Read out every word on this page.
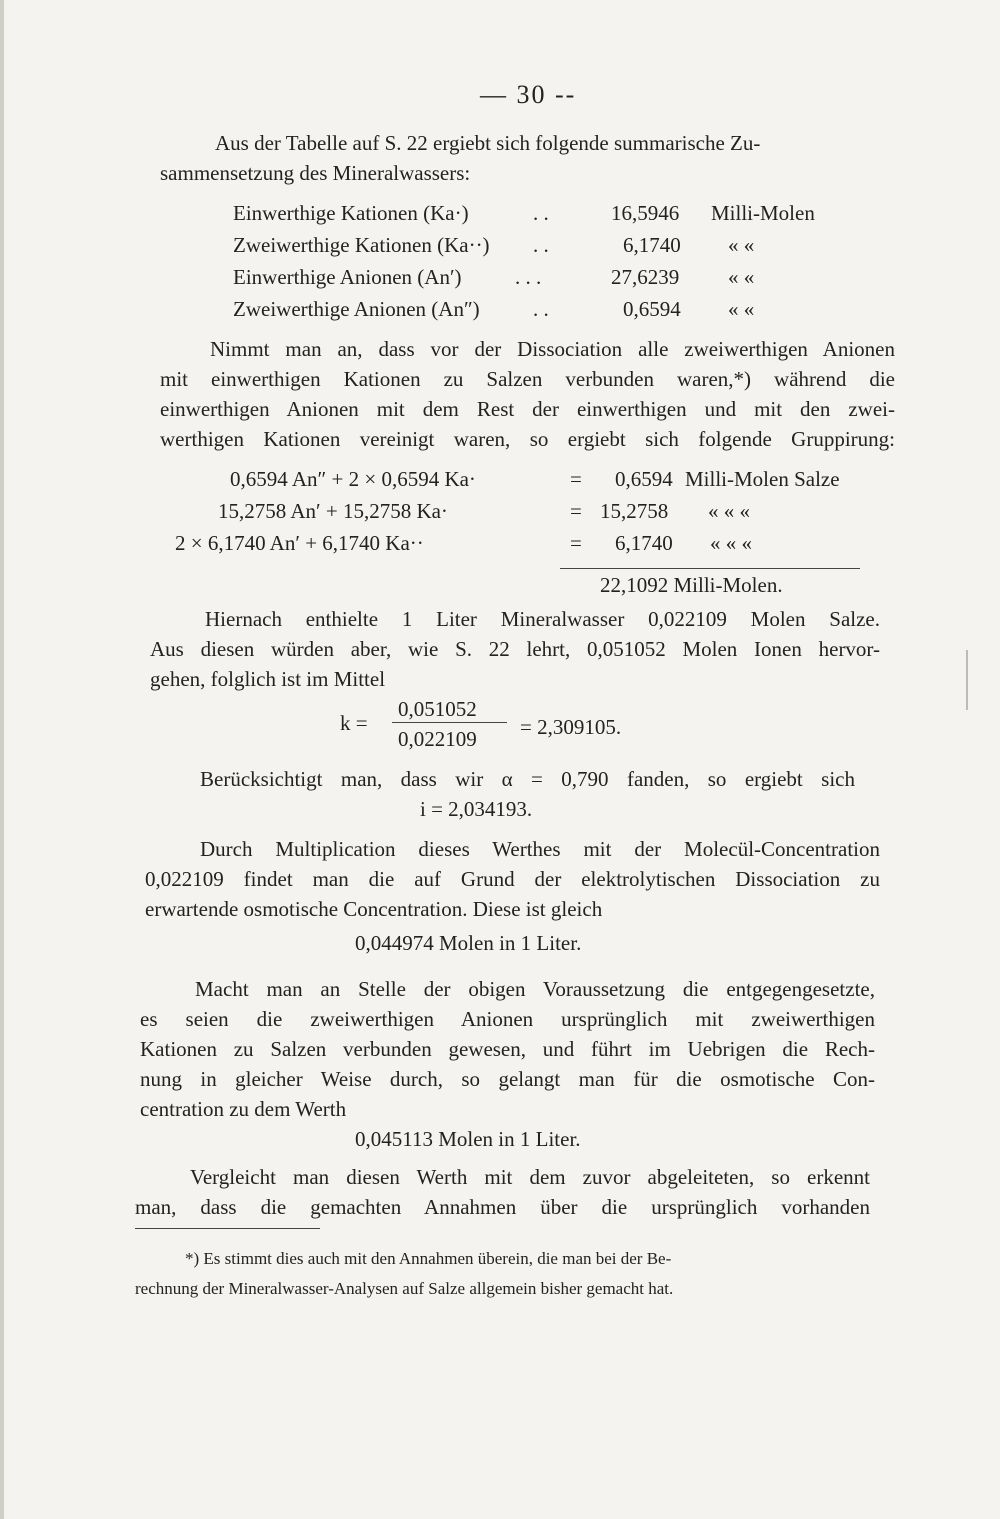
— 30 --
Aus der Tabelle auf S. 22 ergiebt sich folgende summarische Zu-
sammensetzung des Mineralwassers:
Einwerthige Kationen (Ka·)	. .	16,5946 Milli-Molen
Zweiwerthige Kationen (Ka··) . .	6,1740 « «
Einwerthige Anionen (An′)	. . .	27,6239 « «
Zweiwerthige Anionen (An″)	. .	0,6594 « «
Nimmt man an, dass vor der Dissociation alle zweiwerthigen Anionen
mit einwerthigen Kationen zu Salzen verbunden waren,*) während die
einwerthigen Anionen mit dem Rest der einwerthigen und mit den zwei-
werthigen Kationen vereinigt waren, so ergiebt sich folgende Gruppirung:
0,6594 An″ + 2 × 0,6594 Ka·	= 0,6594 Milli-Molen Salze
15,2758 An′ + 15,2758 Ka·	= 15,2758 « « «
2 × 6,1740 An′ + 6,1740 Ka··	= 6,1740 « « «
22,1092 Milli-Molen.
Hiernach enthielte 1 Liter Mineralwasser 0,022109 Molen Salze.
Aus diesen würden aber, wie S. 22 lehrt, 0,051052 Molen Ionen hervor-
gehen, folglich ist im Mittel
k =
0,051052
0,022109 = 2,309105.
Berücksichtigt man, dass wir α = 0,790 fanden, so ergiebt sich
i = 2,034193.
Durch Multiplication dieses Werthes mit der Molecül-Concentration
0,022109 findet man die auf Grund der elektrolytischen Dissociation zu
erwartende osmotische Concentration. Diese ist gleich
0,044974 Molen in 1 Liter.
Macht man an Stelle der obigen Voraussetzung die entgegengesetzte,
es seien die zweiwerthigen Anionen ursprünglich mit zweiwerthigen
Kationen zu Salzen verbunden gewesen, und führt im Uebrigen die Rech-
nung in gleicher Weise durch, so gelangt man für die osmotische Con-
centration zu dem Werth
0,045113 Molen in 1 Liter.
Vergleicht man diesen Werth mit dem zuvor abgeleiteten, so erkennt
man, dass die gemachten Annahmen über die ursprünglich vorhanden
*) Es stimmt dies auch mit den Annahmen überein, die man bei der Be-
rechnung der Mineralwasser-Analysen auf Salze allgemein bisher gemacht hat.
